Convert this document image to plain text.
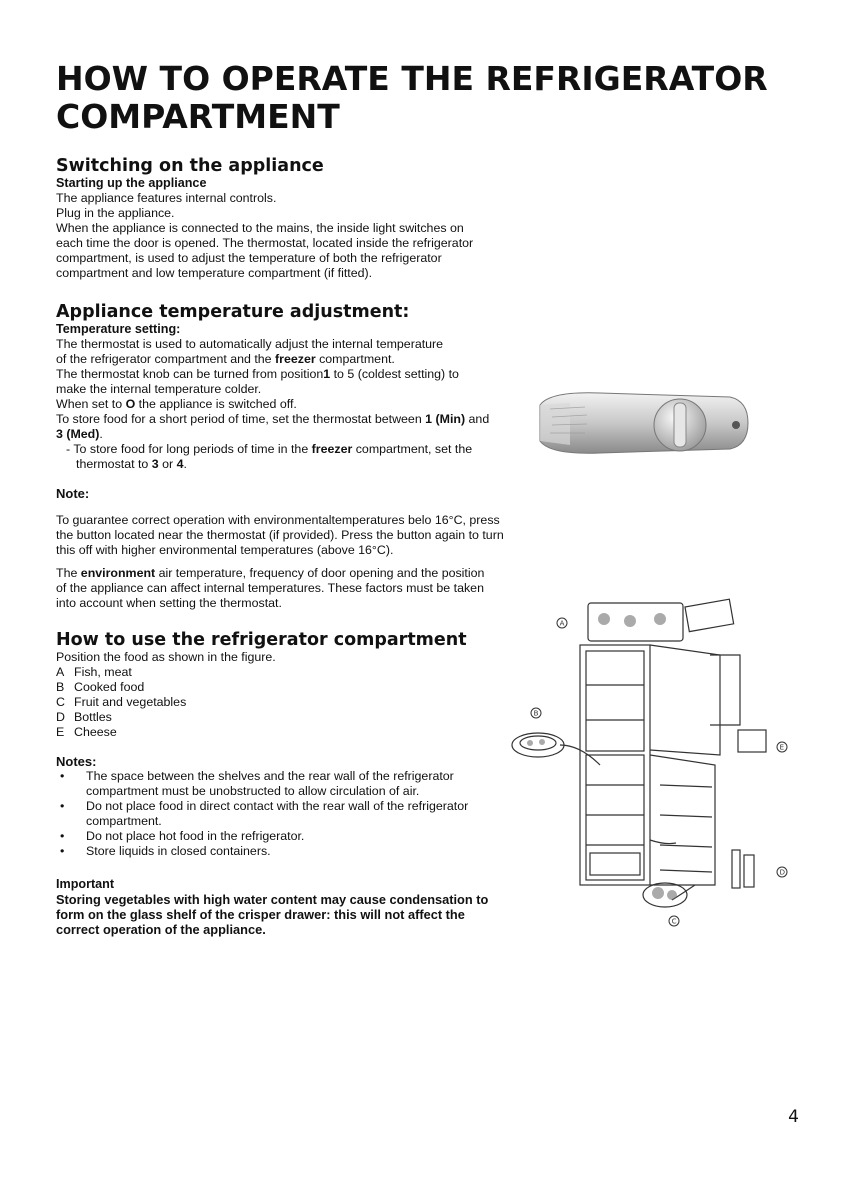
HOW TO OPERATE THE REFRIGERATOR
COMPARTMENT

Switching on the appliance

Starting up the appliance

The appliance features internal controls.

Plug in the appliance.

When the appliance is connected to the mains, the inside light switches on each time the door is opened. The thermostat, located inside the refrigerator compartment, is used to adjust the temperature of both the refrigerator compartment and low temperature compartment (if fitted).

Appliance temperature adjustment:

Temperature setting:

The thermostat is used to automatically adjust the internal temperature of the refrigerator compartment and the freezer compartment.

The thermostat knob can be turned from position1 to 5 (coldest setting) to make the internal temperature colder.

When set to O the appliance is switched off.

To store food for a short period of time, set the thermostat between 1 (Min) and 3 (Med).

- To store food for long periods of time in the freezer compartment, set the thermostat to 3 or 4.

Note:

To guarantee correct operation with environmentaltemperatures belo 16°C, press the button located near the thermostat (if provided). Press the button again to turn this off with higher environmental temperatures (above 16°C).

The environment air temperature, frequency of door opening and the position of the appliance can affect internal temperatures. These factors must be taken into account when setting the thermostat.

How to use the refrigerator compartment

Position the food as shown in the figure.

A Fish, meat
B Cooked food
C Fruit and vegetables
D Bottles
E Cheese

Notes:

• The space between the shelves and the rear wall of the refrigerator compartment must be unobstructed to allow circulation of air.
• Do not place food in direct contact with the rear wall of the refrigerator compartment.
• Do not place hot food in the refrigerator.
• Store liquids in closed containers.

Important

Storing vegetables with high water content may cause condensation to form on the glass shelf of the crisper drawer: this will not affect the correct operation of the appliance.

A
B
E
D
C
4
